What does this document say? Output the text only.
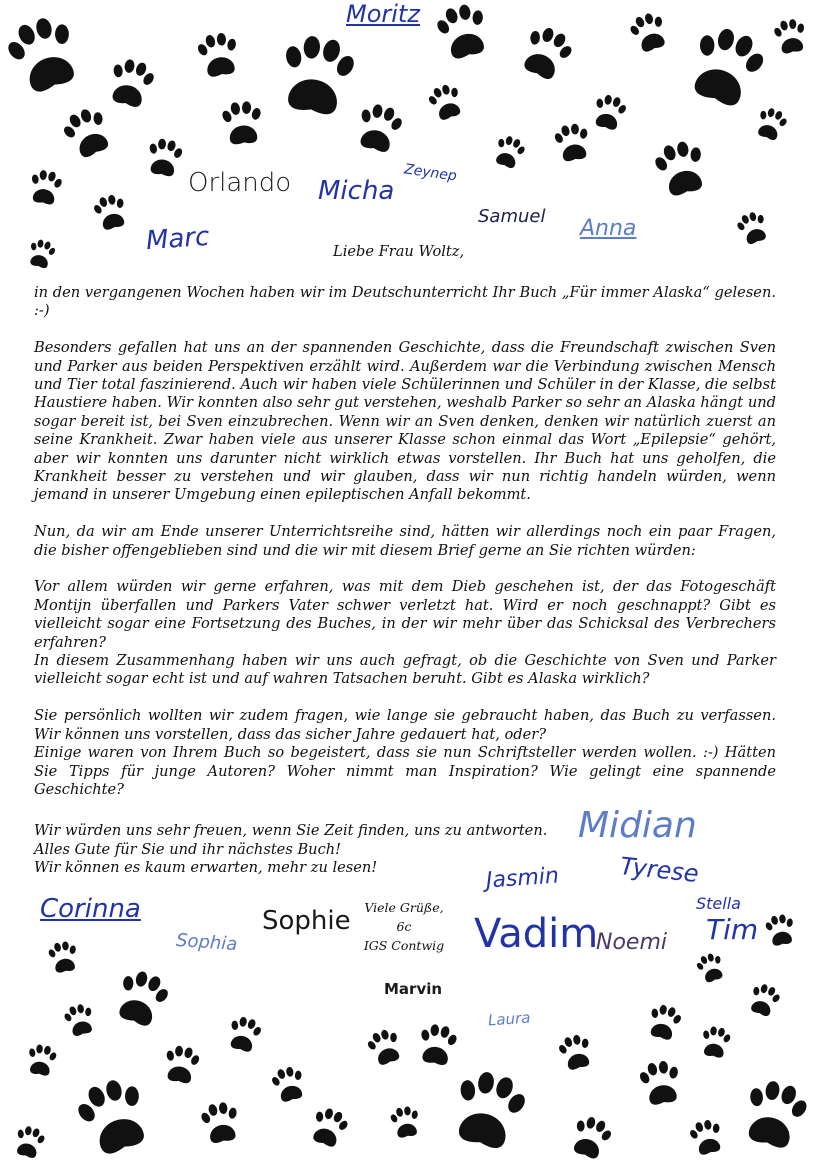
Moritz
Orlando Micha
Zeynep
Samuel Anna
Marc	Liebe Frau Woltz,

in den vergangenen Wochen haben wir im Deutschunterricht Ihr Buch „Für immer Alaska“ gelesen. :-)

Besonders gefallen hat uns an der spannenden Geschichte, dass die Freundschaft zwischen Sven und Parker aus beiden Perspektiven erzählt wird. Außerdem war die Verbindung zwischen Mensch und Tier total faszinierend. Auch wir haben viele Schülerinnen und Schüler in der Klasse, die selbst Haustiere haben. Wir konnten also sehr gut verstehen, weshalb Parker so sehr an Alaska hängt und sogar bereit ist, bei Sven einzubrechen. Wenn wir an Sven denken, denken wir natürlich zuerst an seine Krankheit. Zwar haben viele aus unserer Klasse schon einmal das Wort „Epilepsie“ gehört, aber wir konnten uns darunter nicht wirklich etwas vorstellen. Ihr Buch hat uns geholfen, die Krankheit besser zu verstehen und wir glauben, dass wir nun richtig handeln würden, wenn jemand in unserer Umgebung einen epileptischen Anfall bekommt.

Nun, da wir am Ende unserer Unterrichtsreihe sind, hätten wir allerdings noch ein paar Fragen, die bisher offengeblieben sind und die wir mit diesem Brief gerne an Sie richten würden:

Vor allem würden wir gerne erfahren, was mit dem Dieb geschehen ist, der das Fotogeschäft Montijn überfallen und Parkers Vater schwer verletzt hat. Wird er noch geschnappt? Gibt es vielleicht sogar eine Fortsetzung des Buches, in der wir mehr über das Schicksal des Verbrechers erfahren?

In diesem Zusammenhang haben wir uns auch gefragt, ob die Geschichte von Sven und Parker vielleicht sogar echt ist und auf wahren Tatsachen beruht. Gibt es Alaska wirklich?

Sie persönlich wollten wir zudem fragen, wie lange sie gebraucht haben, das Buch zu verfassen. Wir können uns vorstellen, dass das sicher Jahre gedauert hat, oder?

Einige waren von Ihrem Buch so begeistert, dass sie nun Schriftsteller werden wollen. :-) Hätten Sie Tipps für junge Autoren? Woher nimmt man Inspiration? Wie gelingt eine spannende Geschichte?

Wir würden uns sehr freuen, wenn Sie Zeit finden, uns zu antworten.
Alles Gute für Sie und ihr nächstes Buch!
Wir können es kaum erwarten, mehr zu lesen!
Midian
Tyrese
Jasmin
Stella
Tim
Corinna	Sophie
Sophia
Viele Grüße,
6c
IGS Contwig Vadim
Noemi
Marvin
Laura
